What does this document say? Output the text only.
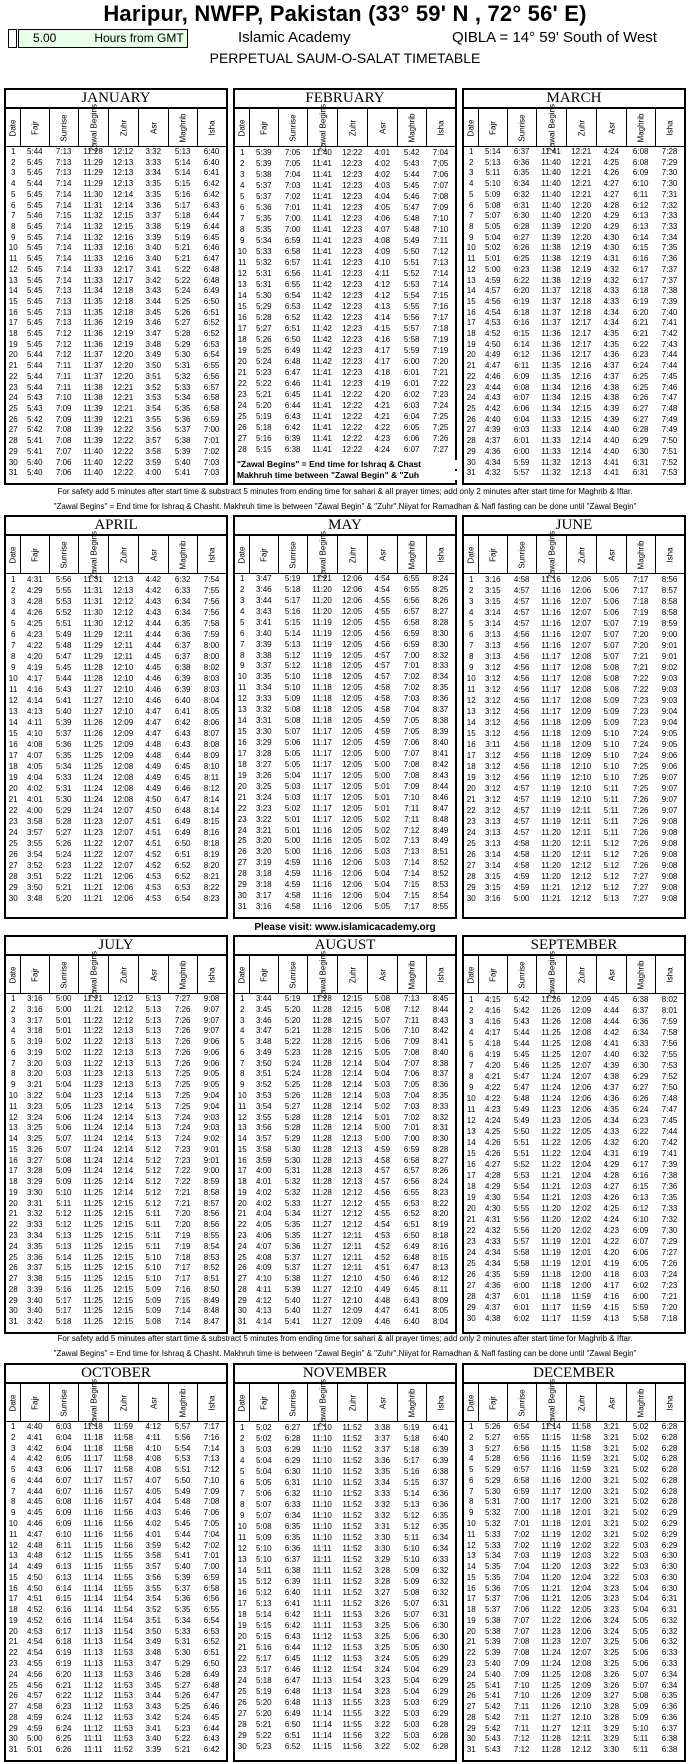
Haripur, NWFP, Pakistan (33° 59' N , 72° 56' E)
5.00	Hours from GMT	Islamic Academy	QIBLA = 14° 59' South of West
PERPETUAL SAUM-O-SALAT TIMETABLE
JANUARY
Date Fajr Sunrise	Zawal Begins	Zuhr	Asr	Maghrib Isha
1	5:44	7:13	11:28	12:12	3:32	5:13	6:40
2	5:45	7:13	11:29	12:13	3:33	5:14	6:40
3	5:45	7:13	11:29	12:13	3:34	5:14	6:41
4	5:44	7:14	11:29	12:13	3:35	5:15	6:42
5	5:45	7:14	11:30	12:14	3:35	5:16	6:42
6	5:45	7:14	11:31	12:14	3:36	5:17	6:43
7	5:46	7:15	11:32	12:15	3:37	5:18	6:44
8	5:45	7:14	11:32	12:15	3:38	5:19	6:44
9	5:45	7:14	11:32	12:16	3:39	5:19	6:45
10	5:45	7:14	11:33	12:16	3:40	5:21	6:46
11	5:45	7:14	11:33	12:16	3:40	5:21	6:47
12	5:45	7:14	11:33	12:17	3:41	5:22	6:48
13	5:45	7:14	11:33	12:17	3:42	5:22	6:48
14	5:45	7:13	11:34	12:18	3:43	5:24	6:49
15	5:45	7:13	11:35	12:18	3:44	5:25	6:50
16	5:45	7:13	11:35	12:18	3:45	5:26	6:51
17	5:45	7:13	11:36	12:19	3:46	5:27	6:52
18	5:45	7:12	11:36	12:19	3:47	5:28	6:52
19	5:45	7:12	11:36	12:19	3:48	5:29	6:53
20	5:44	7:12	11:37	12:20	3:49	5:30	6:54
21	5:44	7:11	11:37	12:20	3:50	5:31	6:55
22	5:44	7:11	11:37	12:20	3:51	5:32	6:56
23	5:44	7:11	11:38	12:21	3:52	5:33	6:57
24	5:43	7:10	11:38	12:21	3:53	5:34	6:58
25	5:43	7:09	11:39	12:21	3:54	5:35	6:58
26	5:42	7:09	11:39	12:21	3:55	5:36	6:59
27	5:42	7:08	11:39	12:22	3:56	5:37	7:00
28	5:41	7:08	11:39	12:22	3:57	5:38	7:01
29	5:41	7:07	11:40	12:22	3:58	5:39	7:02
30	5:40	7:06	11:40	12:22	3:59	5:40	7:03
31	5:40	7:06	11:40	12:22	4:00	5:41	7:03
FEBRUARY
Date Fajr Sunrise	Zawal Begins	Zuhr	Asr	Maghrib Isha
1	5:39	7:05	11:40	12:22	4:01	5:42	7:04
2	5:39	7:05	11:41	12:23	4:02	5:43	7:05
3	5:38	7:04	11:41	12:23	4:02	5:44	7:06
4	5:37	7:03	11:41	12:23	4:03	5:45	7:07
5	5:37	7:02	11:41	12:23	4:04	5:46	7:08
6	5:36	7:01	11:41	12:23	4:05	5:47	7:09
7	5:35	7:00	11:41	12:23	4:06	5:48	7:10
8	5:35	7:00	11:41	12:23	4:07	5:48	7:10
9	5:34	6:59	11:41	12:23	4:08	5:49	7:11
10	5:33	6:58	11:41	12:23	4:09	5:50	7:12
11	5:32	6:57	11:41	12:23	4:10	5:51	7:13
12	5:31	6:56	11:41	12:23	4:11	5:52	7:14
13	5:31	6:55	11:42	12:23	4:12	5:53	7:14
14	5:30	6:54	11:42	12:23	4:12	5:54	7:15
15	5:29	6:53	11:42	12:23	4:13	5:55	7:16
16	5:28	6:52	11:42	12:23	4:14	5:56	7:17
17	5:27	6:51	11:42	12:23	4:15	5:57	7:18
18	5:26	6:50	11:42	12:23	4:16	5:58	7:19
19	5:25	6:49	11:42	12:23	4:17	5:59	7:19
20	5:24	6:48	11:42	12:23	4:17	6:00	7:20
21	5:23	6:47	11:41	12:23	4:18	6:01	7:21
22	5:22	6:46	11:41	12:23	4:19	6:01	7:22
23	5:21	6:45	11:41	12:22	4:20	6:02	7:23
24	5:20	6:44	11:41	12:22	4:21	6:03	7:24
25	5:19	6:43	11:41	12:22	4:21	6:04	7:25
26	5:18	6:42	11:41	12:22	4:22	6:05	7:25
27	5:16	6:39	11:41	12:22	4:23	6:06	7:26
28	5:15	6:38	11:41	12:22	4:24	6:07	7:27
MARCH
Date Fajr Sunrise	Zawal Begins	Zuhr	Asr	Maghrib Isha
1	5:14	6:37	11:41	12:21	4:24	6:08	7:28
2	5:13	6:36	11:40	12:21	4:25	6:08	7:29
3	5:11	6:35	11:40	12:21	4:26	6:09	7:30
4	5:10	6:34	11:40	12:21	4:27	6:10	7:30
5	5:09	6:32	11:40	12:21	4:27	6:11	7:31
6	5:08	6:31	11:40	12:20	4:28	6:12	7:32
7	5:07	6:30	11:40	12:20	4:29	6:13	7:33
8	5:05	6:28	11:39	12:20	4:29	6:13	7:33
9	5:04	6:27	11:39	12:20	4:30	6:14	7:34
10	5:02	6:26	11:38	12:19	4:30	6:15	7:35
11	5:01	6:25	11:38	12:19	4:31	6:16	7:36
12	5:00	6:23	11:38	12:19	4:32	6:17	7:37
13	4:59	6:22	11:38	12:19	4:32	6:17	7:37
14	4:57	6:20	11:37	12:18	4:33	6:18	7:38
15	4:56	6:19	11:37	12:18	4:33	6:19	7:39
16	4:54	6:18	11:37	12:18	4:34	6:20	7:40
17	4:53	6:16	11:37	12:17	4:34	6:21	7:41
18	4:52	6:15	11:36	12:17	4:35	6:21	7:42
19	4:50	6:14	11:36	12:17	4:35	6:22	7:43
20	4:49	6:12	11:36	12:17	4:36	6:23	7:44
21	4:47	6:11	11:35	12:16	4:37	6:24	7:44
22	4:46	6:09	11:35	12:16	4:37	6:25	7:45
23	4:44	6:08	11:34	12:16	4:38	6:25	7:46
24	4:43	6:07	11:34	12:15	4:38	6:26	7:47
25	4:42	6:06	11:34	12:15	4:39	6:27	7:48
26	4:40	6:04	11:33	12:15	4:39	6:27	7:49
27	4:39	6:03	11:33	12:14	4:40	6:28	7:49
28	4:37	6:01	11:33	12:14	4:40	6:29	7:50
29	4:36	6:00	11:33	12:14	4:40	6:30	7:51
30	4:34	5:59	11:32	12:13	4:41	6:31	7:52
31	4:32	5:57	11:32	12:13	4:41	6:31	7:53
APRIL
Date Fajr Sunrise	Zawal Begins	Zuhr	Asr	Maghrib Isha
1	4:31	5:56	11:31	12:13	4:42	6:32	7:54
2	4:29	5:55	11:31	12:13	4:42	6:33	7:55
3	4:28	5:53	11:31	12:12	4:43	6:34	7:56
4	4:26	5:52	11:30	12:12	4:43	6:34	7:56
5	4:25	5:51	11:30	12:12	4:44	6:35	7:58
6	4:23	5:49	11:29	12:11	4:44	6:36	7:59
7	4:22	5:48	11:29	12:11	4:44	6:37	8:00
8	4:20	5:47	11:29	12:11	4:45	6:37	8:00
9	4:19	5:45	11:28	12:10	4:45	6:38	8:02
10	4:17	5:44	11:28	12:10	4:46	6:39	8:03
11	4:16	5:43	11:27	12:10	4:46	6:39	8:03
12	4:14	5:41	11:27	12:10	4:46	6:40	8:04
13	4:13	5:40	11:27	12:10	4:47	6:41	8:05
14	4:11	5:39	11:26	12:09	4:47	6:42	8:06
15	4:10	5:37	11:26	12:09	4:47	6:43	8:07
16	4:08	5:36	11:25	12:09	4:48	6:43	8:08
17	4:07	5:35	11:25	12:09	4:48	6:44	8:09
18	4:05	5:34	11:25	12:08	4:49	6:45	8:10
19	4:04	5:33	11:24	12:08	4:49	6:45	8:11
20	4:02	5:31	11:24	12:08	4:49	6:46	8:12
21	4:01	5:30	11:24	12:08	4:50	6:47	8:14
22	4:00	5:29	11:24	12:07	4:50	6:48	8:14
23	3:58	5:28	11:23	12:07	4:51	6:49	8:15
24	3:57	5:27	11:23	12:07	4:51	6:49	8:16
25	3:55	5:26	11:22	12:07	4:51	6:50	8:18
26	3:54	5:24	11:22	12:07	4:52	6:51	8:19
27	3:52	5:23	11:22	12:07	4:52	6:52	8:20
28	3:51	5:22	11:21	12:06	4:53	6:52	8:21
29	3:50	5:21	11:21	12:06	4:53	6:53	8:22
30	3:48	5:20	11:21	12:06	4:53	6:54	8:23
MAY
Date Fajr Sunrise	Zawal Begins	Zuhr	Asr	Maghrib Isha
1	3:47	5:19	11:21	12:06	4:54	6:55	8:24
2	3:46	5:18	11:20	12:06	4:54	6:55	8:25
3	3:44	5:17	11:20	12:06	4:55	6:56	8:26
4	3:43	5:16	11:20	12:05	4:55	6:57	8:27
5	3:41	5:15	11:19	12:05	4:55	6:58	8:28
6	3:40	5:14	11:19	12:05	4:56	6:59	8:30
7	3:39	5:13	11:19	12:05	4:56	6:59	8:30
8	3:38	5:12	11:19	12:05	4:57	7:00	8:32
9	3:37	5:12	11:18	12:05	4:57	7:01	8:33
10	3:35	5:10	11:18	12:05	4:57	7:02	8:34
11	3:34	5:10	11:18	12:05	4:58	7:02	8:35
12	3:33	5:09	11:18	12:05	4:58	7:03	8:36
13	3:32	5:08	11:18	12:05	4:58	7:04	8:37
14	3:31	5:08	11:18	12:05	4:59	7:05	8:38
15	3:30	5:07	11:17	12:05	4:59	7:05	8:39
16	3:29	5:06	11:17	12:05	4:59	7:06	8:40
17	3:28	5:05	11:17	12:05	5:00	7:07	8:41
18	3:27	5:05	11:17	12:05	5:00	7:08	8:42
19	3:26	5:04	11:17	12:05	5:00	7:08	8:43
20	3:25	5:03	11:17	12:05	5:01	7:09	8:44
21	3:24	5:03	11:17	12:05	5:01	7:10	8:46
22	3:23	5:02	11:17	12:05	5:01	7:11	8:47
23	3:22	5:01	11:17	12:05	5:02	7:11	8:48
24	3:21	5:01	11:16	12:05	5:02	7:12	8:49
25	3:20	5:00	11:16	12:05	5:02	7:13	8:49
26	3:20	5:00	11:16	12:06	5:03	7:13	8:51
27	3:19	4:59	11:16	12:06	5:03	7:14	8:52
28	3:18	4:59	11:16	12:06	5:04	7:14	8:52
29	3:18	4:59	11:16	12:06	5:04	7:15	8:53
30	3:17	4:58	11:16	12:06	5:04	7:15	8:54
31	3:16	4:58	11:16	12:06	5:05	7:17	8:55
JUNE
Date Fajr Sunrise	Zawal Begins	Zuhr	Asr	Maghrib Isha
1	3:16	4:58	11:16	12:06	5:05	7:17	8:56
2	3:15	4:57	11:16	12:06	5:06	7:17	8:57
3	3:15	4:57	11:16	12:07	5:06	7:18	8:58
4	3:14	4:57	11:16	12:07	5:06	7:19	8:58
5	3:14	4:57	11:16	12:07	5:07	7:19	8:59
6	3:13	4:56	11:16	12:07	5:07	7:20	9:00
7	3:13	4:56	11:16	12:07	5:07	7:20	9:01
8	3:13	4:56	11:17	12:08	5:07	7:21	9:01
9	3:12	4:56	11:17	12:08	5:08	7:21	9:02
10	3:12	4:56	11:17	12:08	5:08	7:22	9:03
11	3:12	4:56	11:17	12:08	5:08	7:22	9:03
12	3:12	4:56	11:17	12:08	5:09	7:23	9:03
13	3:12	4:56	11:17	12:09	5:09	7:23	9:04
14	3:12	4:56	11:18	12:09	5:09	7:23	9:04
15	3:12	4:56	11:18	12:09	5:10	7:24	9:05
16	3:11	4:56	11:18	12:09	5:10	7:24	9:05
17	3:12	4:56	11:18	12:09	5:10	7:24	9:06
18	3:12	4:56	11:18	12:10	5:10	7:25	9:06
19	3:12	4:56	11:19	12:10	5:10	7:25	9:07
20	3:12	4:57	11:19	12:10	5:11	7:25	9:07
21	3:12	4:57	11:19	12:10	5:11	7:26	9:07
22	3:12	4:57	11:19	12:11	5:11	7:26	9:07
23	3:13	4:57	11:19	12:11	5:11	7:26	9:08
24	3:13	4:57	11:20	12:11	5:11	7:26	9:08
25	3:13	4:58	11:20	12:11	5:12	7:26	9:08
26	3:14	4:58	11:20	12:11	5:12	7:26	9:08
27	3:14	4:58	11:20	12:12	5:12	7:26	9:08
28	3:15	4:59	11:20	12:12	5:12	7:27	9:08
29	3:15	4:59	11:21	12:12	5:12	7:27	9:08
30	3:16	5:00	11:21	12:12	5:13	7:27	9:08
JULY
Date Fajr Sunrise	Zawal Begins	Zuhr	Asr	Maghrib Isha
1	3:16	5:00	11:21	12:12	5:13	7:27	9:08
2	3:16	5:00	11:21	12:12	5:13	7:26	9:07
3	3:17	5:01	11:22	12:12	5:13	7:26	9:07
4	3:18	5:01	11:22	12:13	5:13	7:26	9:07
5	3:19	5:02	11:22	12:13	5:13	7:26	9:06
6	3:19	5:02	11:22	12:13	5:13	7:26	9:06
7	3:20	5:03	11:22	12:13	5:13	7:26	9:06
8	3:20	5:03	11:23	12:13	5:13	7:25	9:05
9	3:21	5:04	11:23	12:13	5:13	7:25	9:05
10	3:22	5:04	11:23	12:14	5:13	7:25	9:04
11	3:23	5:05	11:23	12:14	5:13	7:25	9:04
12	3:24	5:06	11:24	12:14	5:13	7:24	9:03
13	3:25	5:06	11:24	12:14	5:13	7:24	9:03
14	3:25	5:07	11:24	12:14	5:13	7:24	9:02
15	3:26	5:07	11:24	12:14	5:12	7:23	9:01
16	3:27	5:08	11:24	12:14	5:12	7:23	9:01
17	3:28	5:09	11:24	12:14	5:12	7:22	9:00
18	3:29	5:09	11:25	12:14	5:12	7:22	8:59
19	3:30	5:10	11:25	12:14	5:12	7:21	8:58
20	3:31	5:11	11:25	12:15	5:12	7:21	8:57
21	3:32	5:12	11:25	12:15	5:11	7:20	8:56
22	3:33	5:12	11:25	12:15	5:11	7:20	8:56
23	3:34	5:13	11:25	12:15	5:11	7:19	8:55
24	3:35	5:13	11:25	12:15	5:11	7:19	8:54
25	3:36	5:14	11:25	12:15	5:10	7:18	8:53
26	3:37	5:15	11:25	12:15	5:10	7:17	8:52
27	3:38	5:15	11:25	12:15	5:10	7:17	8:51
28	3:39	5:16	11:25	12:15	5:09	7:16	8:50
29	3:40	5:17	11:25	12:15	5:09	7:15	8:49
30	3:40	5:17	11:25	12:15	5:09	7:14	8:48
31	3:42	5:18	11:25	12:15	5:08	7:14	8:47
AUGUST
Date Fajr Sunrise	Zawal Begins	Zuhr	Asr	Maghrib Isha
1	3:44	5:19	11:28	12:15	5:08	7:13	8:45
2	3:45	5:20	11:28	12:15	5:08	7:12	8:44
3	3:46	5:20	11:28	12:15	5:07	7:11	8:43
4	3:47	5:21	11:28	12:15	5:06	7:10	8:42
5	3:48	5:22	11:28	12:15	5:06	7:09	8:41
6	3:49	5:23	11:28	12:15	5:05	7:08	8:40
7	3:50	5:24	11:28	12:14	5:04	7:07	8:38
8	3:51	5:24	11:28	12:14	5:04	7:06	8:37
9	3:52	5:25	11:28	12:14	5:03	7:05	8:36
10	3:53	5:26	11:28	12:14	5:03	7:04	8:35
11	3:54	5:27	11:28	12:14	5:02	7:03	8:33
12	3:55	5:28	11:28	12:14	5:01	7:02	8:32
13	3:56	5:28	11:28	12:14	5:00	7:01	8:31
14	3:57	5:29	11:28	12:13	5:00	7:00	8:30
15	3:58	5:30	11:28	12:13	4:59	6:59	8:28
16	3:59	5:30	11:28	12:13	4:58	6:58	8:27
17	4:00	5:31	11:28	12:13	4:57	6:57	8:26
18	4:01	5:32	11:28	12:13	4:57	6:56	8:24
19	4:02	5:32	11:28	12:12	4:56	6:55	8:23
20	4:02	5:33	11:27	12:12	4:55	6:53	8:22
21	4:04	5:34	11:27	12:12	4:55	6:52	8:20
22	4:05	5:35	11:27	12:12	4:54	6:51	8:19
23	4:06	5:35	11:27	12:11	4:53	6:50	8:18
24	4:07	5:36	11:27	12:11	4:52	6:49	8:16
25	4:08	5:37	11:27	12:11	4:52	6:48	8:15
26	4:09	5:37	11:27	12:11	4:51	6:47	8:13
27	4:10	5:38	11:27	12:10	4:50	6:46	8:12
28	4:11	5:39	11:27	12:10	4:49	6:45	8:11
29	4:12	5:40	11:27	12:10	4:48	6:43	8:09
30	4:13	5:40	11:27	12:09	4:47	6:41	8:05
31	4:14	5:41	11:27	12:09	4:46	6:40	8:04
SEPTEMBER
Date Fajr Sunrise	Zawal Begins	Zuhr	Asr	Maghrib Isha
1	4:15	5:42	11:26	12:09	4:45	6:38	8:02
2	4:16	5:42	11:26	12:09	4:44	6:37	8:01
3	4:16	5:43	11:26	12:08	4:44	6:36	7:59
4	4:17	5:44	11:25	12:08	4:42	6:34	7:58
5	4:18	5:44	11:25	12:08	4:41	6:33	7:56
6	4:19	5:45	11:25	12:07	4:40	6:32	7:55
7	4:20	5:46	11:25	12:07	4:39	6:30	7:53
8	4:21	5:47	11:24	12:07	4:38	6:29	7:52
9	4:22	5:47	11:24	12:06	4:37	6:27	7:50
10	4:22	5:48	11:24	12:06	4:36	6:26	7:48
11	4:23	5:49	11:23	12:06	4:35	6:24	7:47
12	4:24	5:49	11:23	12:05	4:34	6:23	7:45
13	4:25	5:50	11:22	12:05	4:33	6:22	7:44
14	4:26	5:51	11:22	12:05	4:32	6:20	7:42
15	4:26	5:51	11:22	12:04	4:31	6:19	7:41
16	4:27	5:52	11:22	12:04	4:29	6:17	7:39
17	4:28	5:53	11:21	12:04	4:28	6:16	7:38
18	4:29	5:54	11:21	12:03	4:27	6:15	7:36
19	4:30	5:54	11:21	12:03	4:26	6:13	7:35
20	4:30	5:55	11:20	12:02	4:25	6:12	7:33
21	4:31	5:56	11:20	12:02	4:24	6:10	7:32
22	4:32	5:56	11:20	12:02	4:23	6:09	7:30
23	4:33	5:57	11:19	12:01	4:22	6:07	7:29
24	4:34	5:58	11:19	12:01	4:20	6:06	7:27
25	4:34	5:58	11:19	12:01	4:19	6:05	7:26
26	4:35	5:59	11:18	12:00	4:18	6:03	7:24
27	4:36	6:00	11:18	12:00	4:17	6:02	7:23
28	4:37	6:01	11:18	11:59	4:16	6:00	7:21
29	4:37	6:01	11:17	11:59	4:15	5:59	7:20
30	4:38	6:02	11:17	11:59	4:13	5:58	7:18
OCTOBER
Date Fajr Sunrise	Zawal Begins	Zuhr	Asr	Maghrib Isha
1	4:40	6:03	11:18	11:59	4:12	5:57	7:17
2	4:41	6:04	11:18	11:58	4:11	5:56	7:16
3	4:42	6:04	11:18	11:58	4:10	5:54	7:14
4	4:42	6:05	11:17	11:58	4:08	5:53	7:13
5	4:43	6:06	11:17	11:58	4:08	5:51	7:12
6	4:44	6:07	11:17	11:57	4:07	5:50	7:10
7	4:44	6:07	11:16	11:57	4:05	5:49	7:09
8	4:45	6:08	11:16	11:57	4:04	5:48	7:08
9	4:45	6:09	11:16	11:56	4:03	5:46	7:06
10	4:46	6:09	11:16	11:56	4:02	5:45	7:05
11	4:47	6:10	11:16	11:56	4:01	5:44	7:04
12	4:48	6:11	11:15	11:56	3:59	5:42	7:02
13	4:48	6:12	11:15	11:55	3:58	5:41	7:01
14	4:49	6:13	11:15	11:55	3:57	5:40	7:00
15	4:50	6:13	11:14	11:55	3:56	5:39	6:59
16	4:50	6:14	11:14	11:55	3:55	5:37	6:58
17	4:51	6:15	11:14	11:54	3:54	5:36	6:56
18	4:52	6:16	11:14	11:54	3:52	5:35	6:55
19	4:52	6:16	11:14	11:54	3:51	5:34	6:54
20	4:53	6:17	11:13	11:54	3:50	5:33	6:53
21	4:54	6:18	11:13	11:54	3:49	5:31	6:52
22	4:54	6:19	11:13	11:53	3:48	5:30	6:51
23	4:55	6:19	11:13	11:53	3:47	5:29	6:50
24	4:56	6:20	11:13	11:53	3:46	5:28	6:49
25	4:56	6:21	11:12	11:53	3:45	5:27	6:48
26	4:57	6:22	11:12	11:53	3:44	5:26	6:47
27	4:58	6:23	11:12	11:53	3:43	5:25	6:46
28	4:59	6:24	11:12	11:53	3:42	5:24	6:45
29	4:59	6:24	11:12	11:53	3:41	5:23	6:44
30	5:00	6:25	11:11	11:53	3:40	5:22	6:43
31	5:01	6:26	11:11	11:52	3:39	5:21	6:42
NOVEMBER
Date Fajr Sunrise	Zawal Begins	Zuhr	Asr	Maghrib Isha
1	5:02	6:27	11:10	11:52	3:38	5:19	6:41
2	5:02	6:28	11:10	11:52	3:37	5:18	6:40
3	5:03	6:29	11:10	11:52	3:37	5:18	6:39
4	5:04	6:29	11:10	11:52	3:36	5:17	6:39
5	5:04	6:30	11:10	11:52	3:35	5:16	6:38
6	5:05	6:31	11:10	11:52	3:34	5:15	6:37
7	5:06	6:32	11:10	11:52	3:33	5:14	6:36
8	5:07	6:33	11:10	11:52	3:32	5:13	6:36
9	5:07	6:34	11:10	11:52	3:32	5:12	6:35
10	5:08	6:35	11:10	11:52	3:31	5:12	6:35
11	5:09	6:35	11:10	11:52	3:30	5:11	6:34
12	5:10	6:36	11:11	11:52	3:30	5:10	6:34
13	5:10	6:37	11:11	11:52	3:29	5:10	6:33
14	5:11	6:38	11:11	11:52	3:28	5:09	6:32
15	5:12	6:39	11:11	11:52	3:28	5:09	6:32
16	5:12	6:40	11:11	11:52	3:27	5:08	6:32
17	5:13	6:41	11:11	11:52	3:26	5:07	6:31
18	5:14	6:42	11:11	11:53	3:26	5:07	6:31
19	5:15	6:42	11:11	11:53	3:25	5:06	6:30
20	5:15	6:43	11:12	11:53	3:25	5:06	6:30
21	5:16	6:44	11:12	11:53	3:25	5:05	6:30
22	5:17	6:45	11:12	11:53	3:24	5:05	6:29
23	5:17	6:46	11:12	11:54	3:24	5:04	6:29
24	5:18	6:47	11:13	11:54	3:23	5:04	6:29
25	5:19	6:48	11:13	11:54	3:23	5:04	6:29
26	5:20	6:48	11:13	11:55	3:23	5:03	6:29
27	5:20	6:49	11:14	11:55	3:22	5:03	6:29
28	5:21	6:50	11:14	11:55	3:22	5:03	6:28
29	5:22	6:51	11:14	11:56	3:22	5:03	6:28
30	5:23	6:52	11:15	11:56	3:22	5:02	6:28
DECEMBER
Date Fajr Sunrise	Zawal Begins	Zuhr	Asr	Maghrib Isha
1	5:26	6:54	11:14	11:58	3:21	5:02	6:28
2	5:27	6:55	11:15	11:58	3:21	5:02	6:28
3	5:27	6:56	11:15	11:58	3:21	5:02	6:28
4	5:28	6:56	11:16	11:59	3:21	5:02	6:28
5	5:29	6:57	11:16	11:59	3:21	5:02	6:28
6	5:29	6:58	11:16	12:00	3:21	5:02	6:28
7	5:30	6:59	11:17	12:00	3:21	5:02	6:28
8	5:31	7:00	11:17	12:00	3:21	5:02	6:28
9	5:32	7:00	11:18	12:01	3:21	5:02	6:29
10	5:32	7:01	11:18	12:01	3:21	5:02	6:29
11	5:33	7:02	11:19	12:02	3:21	5:02	6:29
12	5:33	7:02	11:19	12:02	3:22	5:03	6:29
13	5:34	7:03	11:19	12:03	3:22	5:03	6:30
14	5:35	7:04	11:20	12:03	3:22	5:03	6:30
15	5:35	7:04	11:20	12:04	3:22	5:03	6:30
16	5:36	7:05	11:21	12:04	3:23	5:04	6:30
17	5:37	7:06	11:21	12:05	3:23	5:04	6:31
18	5:37	7:06	11:22	12:05	3:23	5:04	6:31
19	5:38	7:07	11:22	12:06	3:24	5:05	6:32
20	5:38	7:07	11:23	12:06	3:24	5:05	6:32
21	5:39	7:08	11:23	12:07	3:25	5:06	6:32
22	5:39	7:08	11:24	12:07	3:25	5:06	6:33
23	5:40	7:09	11:24	12:08	3:25	5:06	6:33
24	5:40	7:09	11:25	12:08	3:26	5:07	6:34
25	5:41	7:10	11:25	12:09	3:26	5:07	6:34
26	5:41	7:10	11:26	12:09	3:27	5:08	6:35
27	5:42	7:11	11:26	12:10	3:28	5:09	6:36
28	5:42	7:11	11:27	12:10	3:28	5:09	6:36
29	5:42	7:11	11:27	12:11	3:29	5:10	6:37
30	5:43	7:12	11:28	12:11	3:29	5:11	6:38
31	5:43	7:12	11:28	12:12	3:30	5:11	6:38
For safety add 5 minutes after start time & substract 5 minutes from ending time for sahari & all prayer times; add only 2 minutes after start time for Maghrib & Iftar.
"Zawal Begins" = End time for Ishraq & Chasht. Makhruh time is between "Zawal Begin" & "Zuhr".Niiyat for Ramadhan & Nafl fasting can be done until "Zawal Begin"
"Zawal Begins" = End time for Ishraq & Chast
Makhruh time between "Zawal Begin" & "Zuh
Please visit: www.islamicacademy.org
For safety add 5 minutes after start time & substract 5 minutes from ending time for sahari & all prayer times; add only 2 minutes after start time for Maghrib & Iftar.
"Zawal Begins" = End time for Ishraq & Chasht. Makhruh time is between "Zawal Begin" & "Zuhr".Niiyat for Ramadhan & Nafl fasting can be done until "Zawal Begin"
